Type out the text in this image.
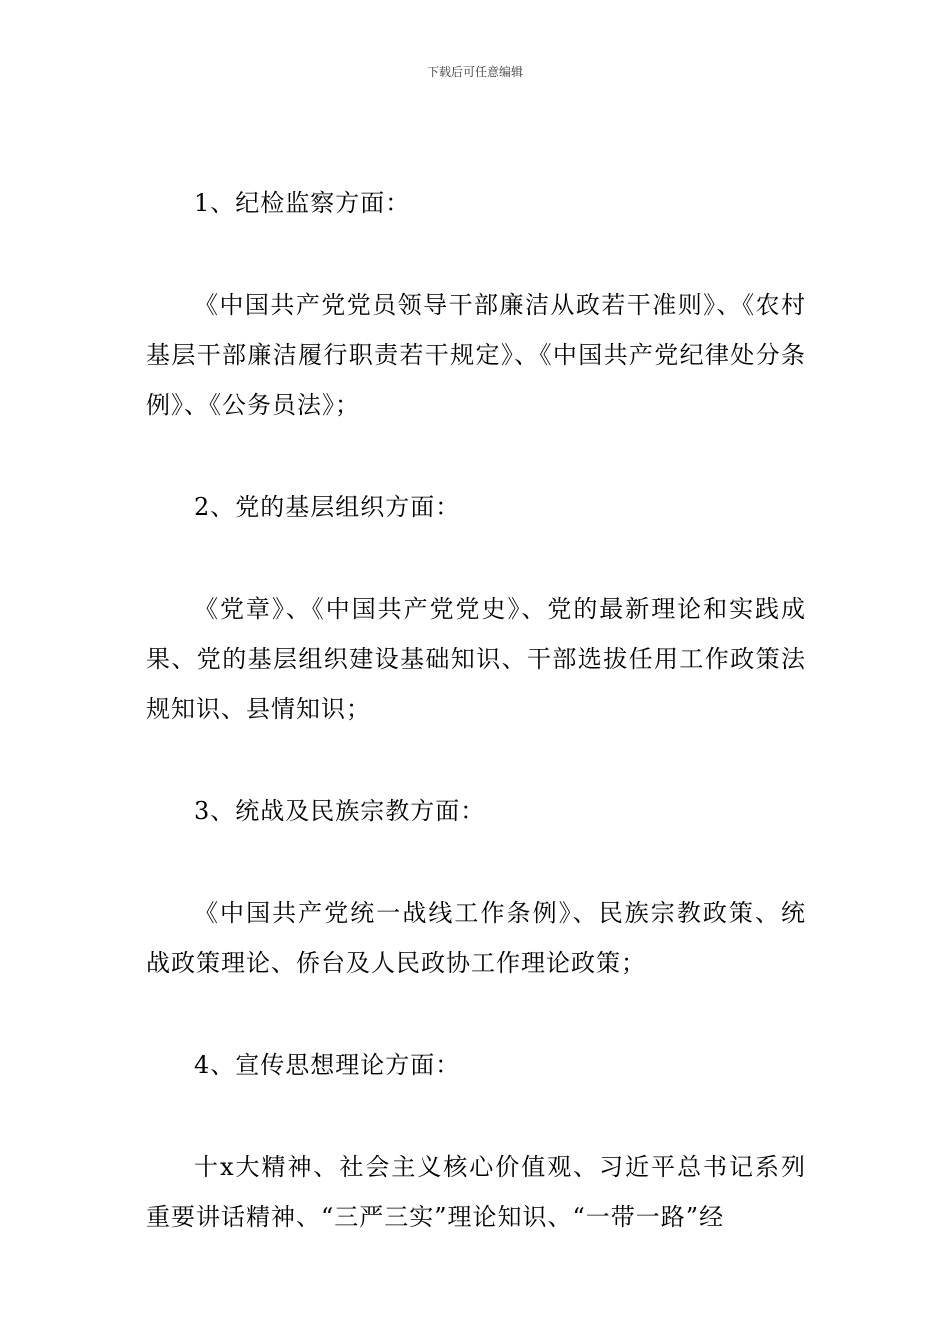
下载后可任意编辑

1、纪检监察方面：

《中国共产党党员领导干部廉洁从政若干准则》、《农村基层干部廉洁履行职责若干规定》、《中国共产党纪律处分条例》、《公务员法》；

2、党的基层组织方面：

《党章》、《中国共产党党史》、党的最新理论和实践成果、党的基层组织建设基础知识、干部选拔任用工作政策法规知识、县情知识；

3、统战及民族宗教方面：

《中国共产党统一战线工作条例》、民族宗教政策、统战政策理论、侨台及人民政协工作理论政策；

4、宣传思想理论方面：

十x大精神、社会主义核心价值观、习近平总书记系列重要讲话精神、“三严三实”理论知识、“一带一路”经
